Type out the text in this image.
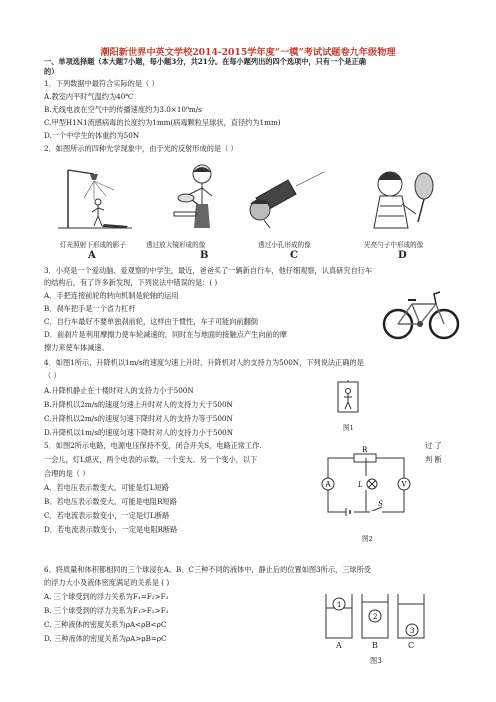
潮阳新世界中英文学校2014-2015学年度“一模”考试试题卷九年级物理
一、单项选择题（本大题7小题，每小题3分，共21分。在每小题列出的四个选项中，只有一个是正确
的）
1．下列数据中最符合实际的是（ ）
A.教室内平时气温约为40℃
B.无线电波在空气中的传播速度约为3.0×10⁸m/s
C.甲型H1N1流感病毒的长度约为1mm(病毒颗粒呈球状，直径约为1mm)
D.一个中学生的体重约为50N
2．如图所示的四种光学现象中，由于光的反射形成的是（ ）
灯光照射下形成的影子	透过放大镜形成的像	透过小孔形成的像	光亮勺子中形成的像
A	B	C	D
3．小亮是一个爱动脑、爱观察的中学生，最近，爸爸买了一辆新自行车，他仔细观察，认真研究自行车
的结构后，有了许多新发现，下列说法中错误的是：( )
A．手把连接前轮的转向机制是轮轴的运用
B．刹车把手是一个省力杠杆
C．自行车最好不要单独刹前轮，这样由于惯性，车子可能向前翻倒
D．前刹片是利用摩擦力使车轮减速的，同时在与地面的接触点产生向前的摩
擦力来使车体减速。
4．如图1所示，升降机以1m/s的速度匀速上升时，升降机对人的支持力为500N，下列说法正确的是
（ ）
A.升降机静止在十楼时对人的支持力小于500N
B.升降机以2m/s的速度匀速上升时对人的支持力大于500N
C.升降机以2m/s的速度匀速下降时对人的支持力等于500N
D.升降机以1m/s的速度匀速下降时对人的支持力小于500N	图1
5．如图2所示电路，电源电压保持不变，闭合开关S，电路正常工作.	过 了
一会儿，灯L熄灭，两个电表的示数，一个变大、另一个变小，以下	判 断
合理的是（ ）
A．若电压表示数变大，可能是灯L短路
B．若电压表示数变大，可能是电阻R短路
C．若电流表示数变小，一定是灯L断路
D．若电流表示数变小，一定是电阻R断路
R
A	V
L
S
图2
6．将质量和体积都相同的三个球浸在A、B、C三种不同的液体中，静止后的位置如图3所示，三球所受
的浮力大小及液体密度满足的关系是 ( )
A. 三个球受到的浮力关系为F₁=F₂>F₃
B. 三个球受到的浮力关系为F₁>F₂>F₃
C. 三种液体的密度关系为ρA<ρB<ρC
D. 三种液体的密度关系为ρA>ρB=ρC
1
2
3
A	B	C
图3
